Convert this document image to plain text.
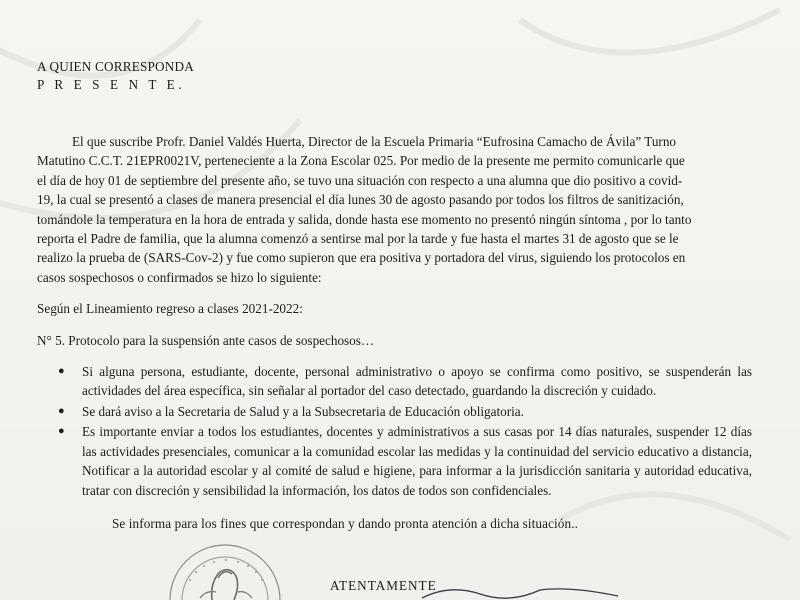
A QUIEN CORRESPONDA
P R E S E N T E.

El que suscribe Profr. Daniel Valdés Huerta, Director de la Escuela Primaria “Eufrosina Camacho de Ávila” Turno

Matutino C.C.T. 21EPR0021V, perteneciente a la Zona Escolar 025. Por medio de la presente me permito comunicarle que

el día de hoy 01 de septiembre del presente año, se tuvo una situación con respecto a una alumna que dio positivo a covid-

19, la cual se presentó a clases de manera presencial el día lunes 30 de agosto pasando por todos los filtros de sanitización,

tomándole la temperatura en la hora de entrada y salida, donde hasta ese momento no presentó ningún síntoma , por lo tanto

reporta el Padre de familia, que la alumna comenzó a sentirse mal por la tarde y fue hasta el martes 31 de agosto que se le

realizo la prueba de (SARS-Cov-2) y fue como supieron que era positiva y portadora del virus, siguiendo los protocolos en

casos sospechosos o confirmados se hizo lo siguiente:

Según el Lineamiento regreso a clases 2021-2022:

N° 5. Protocolo para la suspensión ante casos de sospechosos…

● Si alguna persona, estudiante, docente, personal administrativo o apoyo se confirma como positivo, se suspenderán las actividades del área específica, sin señalar al portador del caso detectado, guardando la discreción y cuidado.
● Se dará aviso a la Secretaria de Salud y a la Subsecretaria de Educación obligatoria.
● Es importante enviar a todos los estudiantes, docentes y administrativos a sus casas por 14 días naturales, suspender 12 días las actividades presenciales, comunicar a la comunidad escolar las medidas y la continuidad del servicio educativo a distancia, Notificar a la autoridad escolar y al comité de salud e higiene, para informar a la jurisdicción sanitaria y autoridad educativa, tratar con discreción y sensibilidad la información, los datos de todos son confidenciales.
Se informa para los fines que correspondan y dando pronta atención a dicha situación..
ATENTAMENTE
